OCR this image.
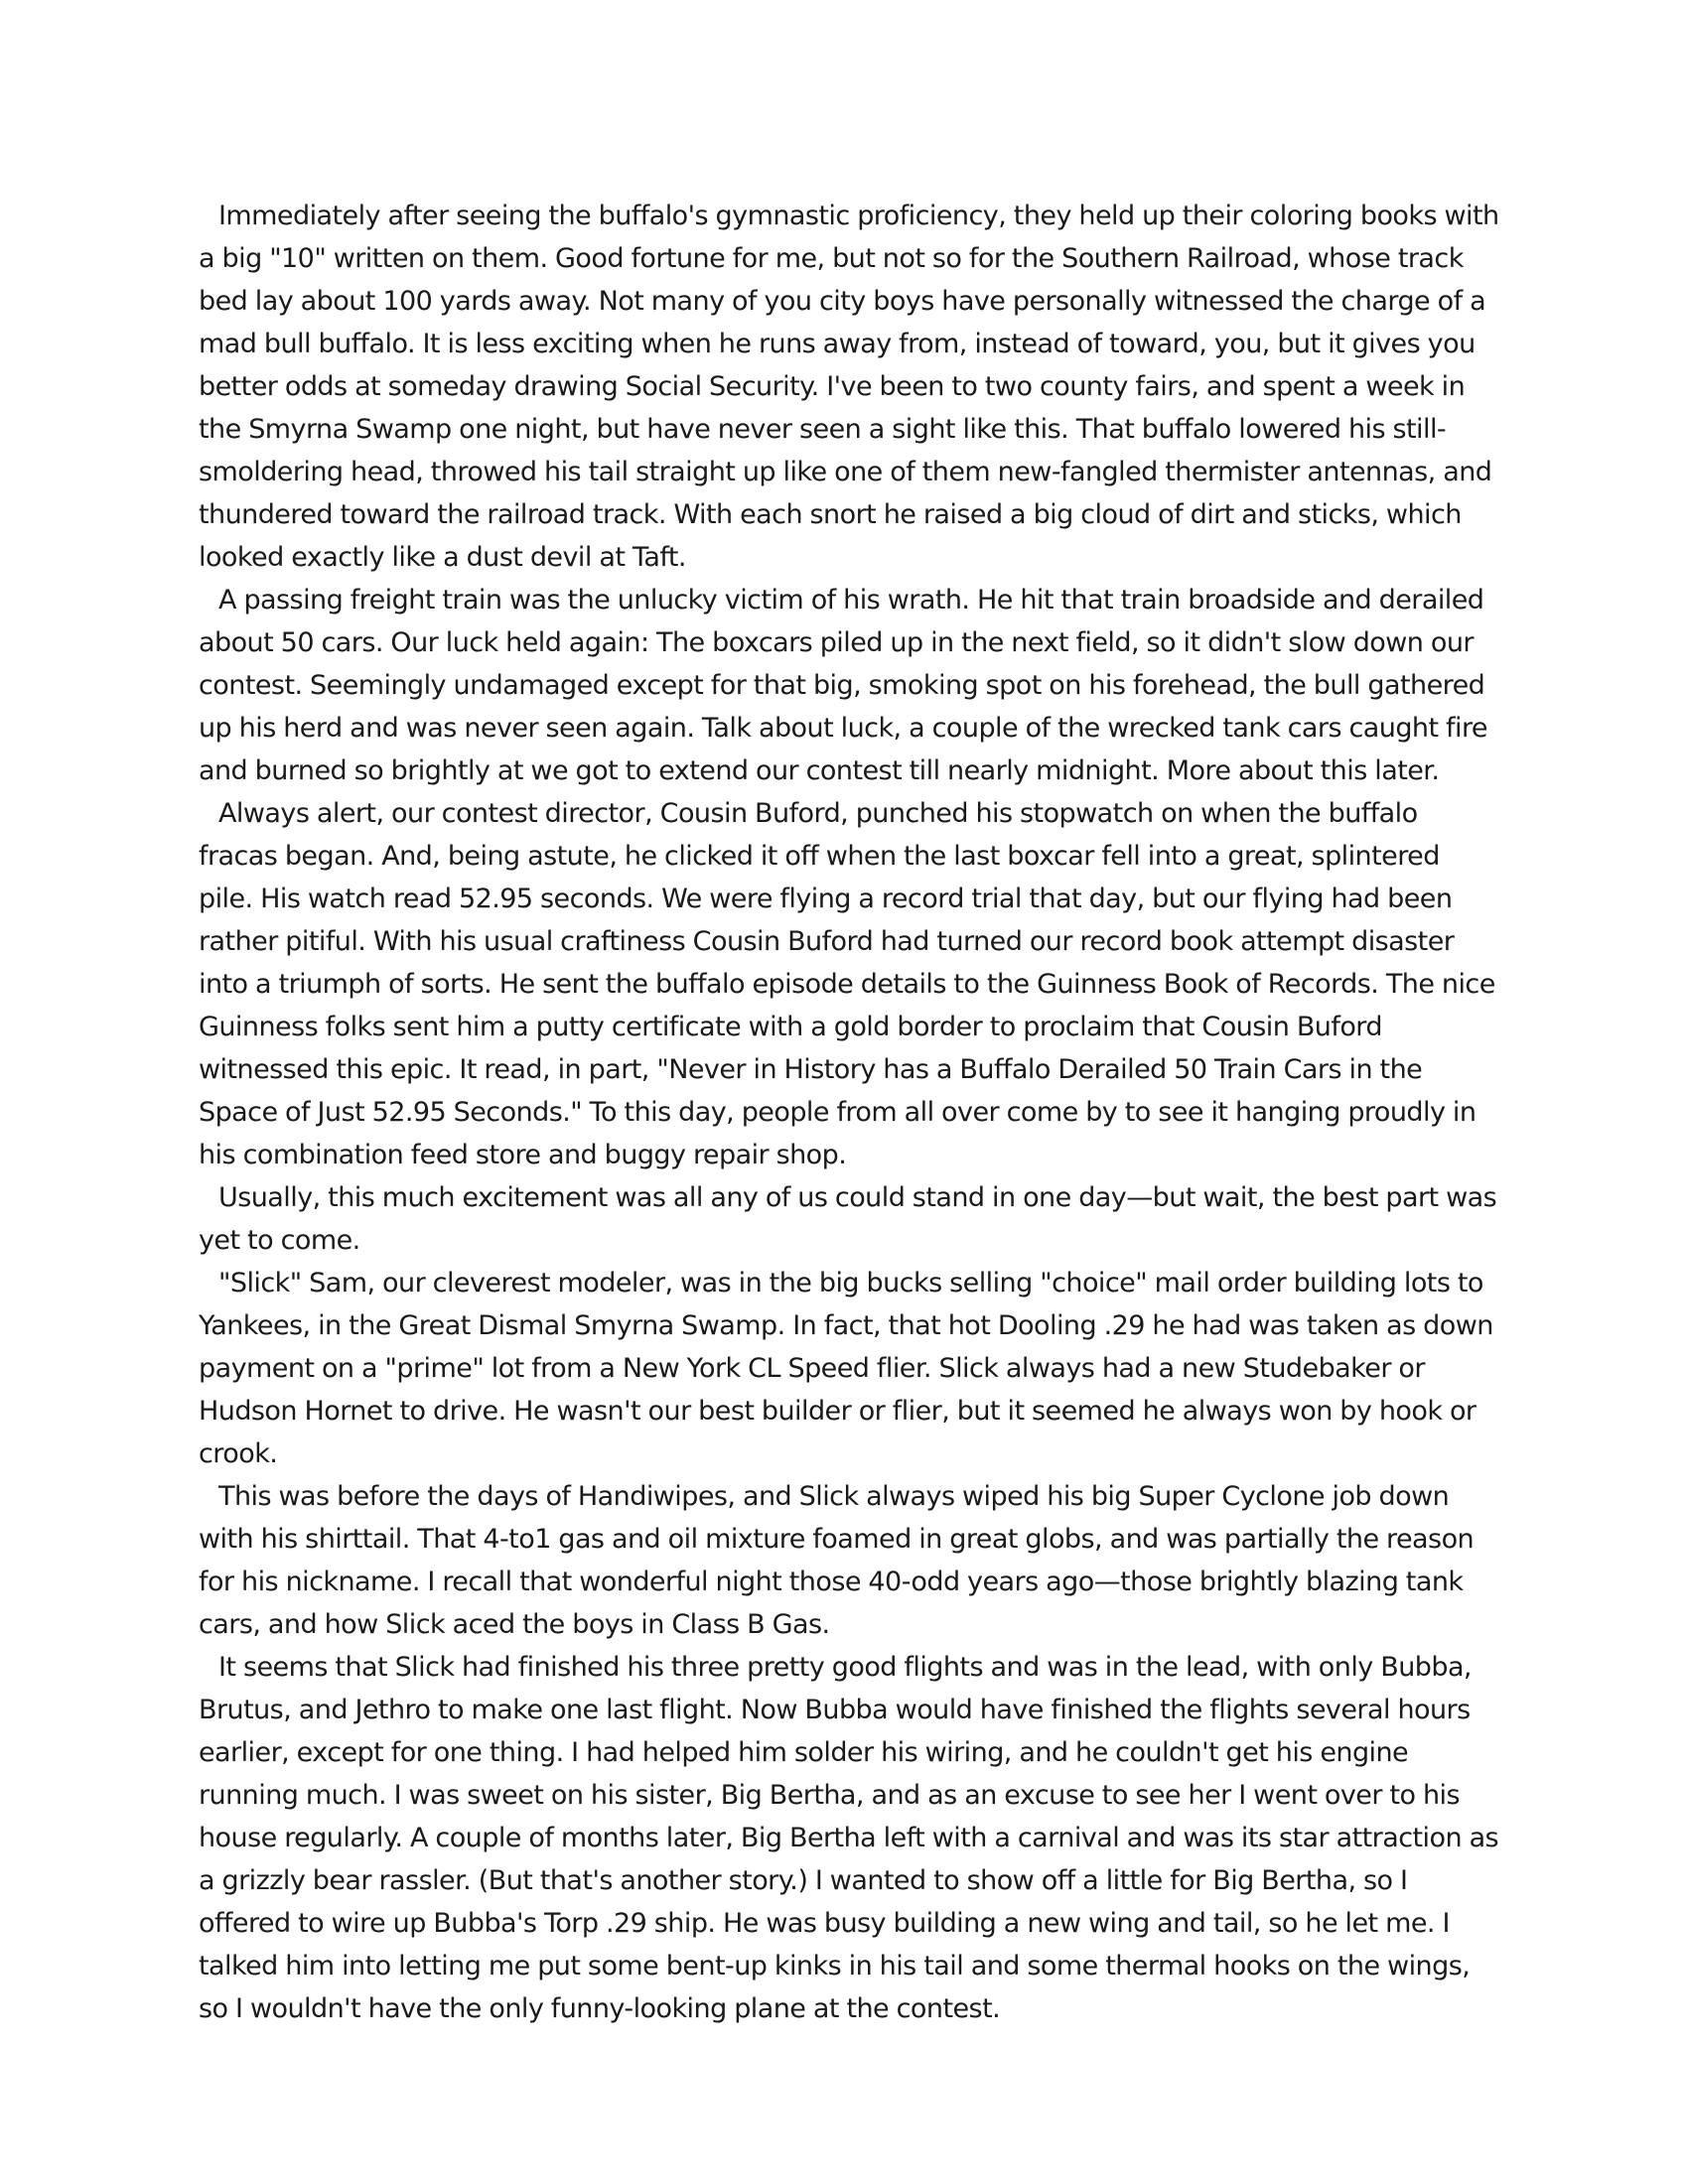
Immediately after seeing the buffalo's gymnastic proficiency, they held up their coloring books with a big "10" written on them. Good fortune for me, but not so for the Southern Railroad, whose track bed lay about 100 yards away. Not many of you city boys have personally witnessed the charge of a mad bull buffalo. It is less exciting when he runs away from, instead of toward, you, but it gives you better odds at someday drawing Social Security. I've been to two county fairs, and spent a week in the Smyrna Swamp one night, but have never seen a sight like this. That buffalo lowered his still-smoldering head, throwed his tail straight up like one of them new-fangled thermister antennas, and thundered toward the railroad track. With each snort he raised a big cloud of dirt and sticks, which looked exactly like a dust devil at Taft.

A passing freight train was the unlucky victim of his wrath. He hit that train broadside and derailed about 50 cars. Our luck held again: The boxcars piled up in the next field, so it didn't slow down our contest. Seemingly undamaged except for that big, smoking spot on his forehead, the bull gathered up his herd and was never seen again. Talk about luck, a couple of the wrecked tank cars caught fire and burned so brightly at we got to extend our contest till nearly midnight. More about this later.

Always alert, our contest director, Cousin Buford, punched his stopwatch on when the buffalo fracas began. And, being astute, he clicked it off when the last boxcar fell into a great, splintered pile. His watch read 52.95 seconds. We were flying a record trial that day, but our flying had been rather pitiful. With his usual craftiness Cousin Buford had turned our record book attempt disaster into a triumph of sorts. He sent the buffalo episode details to the Guinness Book of Records. The nice Guinness folks sent him a putty certificate with a gold border to proclaim that Cousin Buford witnessed this epic. It read, in part, "Never in History has a Buffalo Derailed 50 Train Cars in the Space of Just 52.95 Seconds." To this day, people from all over come by to see it hanging proudly in his combination feed store and buggy repair shop.

Usually, this much excitement was all any of us could stand in one day—but wait, the best part was yet to come.

"Slick" Sam, our cleverest modeler, was in the big bucks selling "choice" mail order building lots to Yankees, in the Great Dismal Smyrna Swamp. In fact, that hot Dooling .29 he had was taken as down payment on a "prime" lot from a New York CL Speed flier. Slick always had a new Studebaker or Hudson Hornet to drive. He wasn't our best builder or flier, but it seemed he always won by hook or crook.

This was before the days of Handiwipes, and Slick always wiped his big Super Cyclone job down with his shirttail. That 4-to1 gas and oil mixture foamed in great globs, and was partially the reason for his nickname. I recall that wonderful night those 40-odd years ago—those brightly blazing tank cars, and how Slick aced the boys in Class B Gas.

It seems that Slick had finished his three pretty good flights and was in the lead, with only Bubba, Brutus, and Jethro to make one last flight. Now Bubba would have finished the flights several hours earlier, except for one thing. I had helped him solder his wiring, and he couldn't get his engine running much. I was sweet on his sister, Big Bertha, and as an excuse to see her I went over to his house regularly. A couple of months later, Big Bertha left with a carnival and was its star attraction as a grizzly bear rassler. (But that's another story.) I wanted to show off a little for Big Bertha, so I offered to wire up Bubba's Torp .29 ship. He was busy building a new wing and tail, so he let me. I talked him into letting me put some bent-up kinks in his tail and some thermal hooks on the wings, so I wouldn't have the only funny-looking plane at the contest.
